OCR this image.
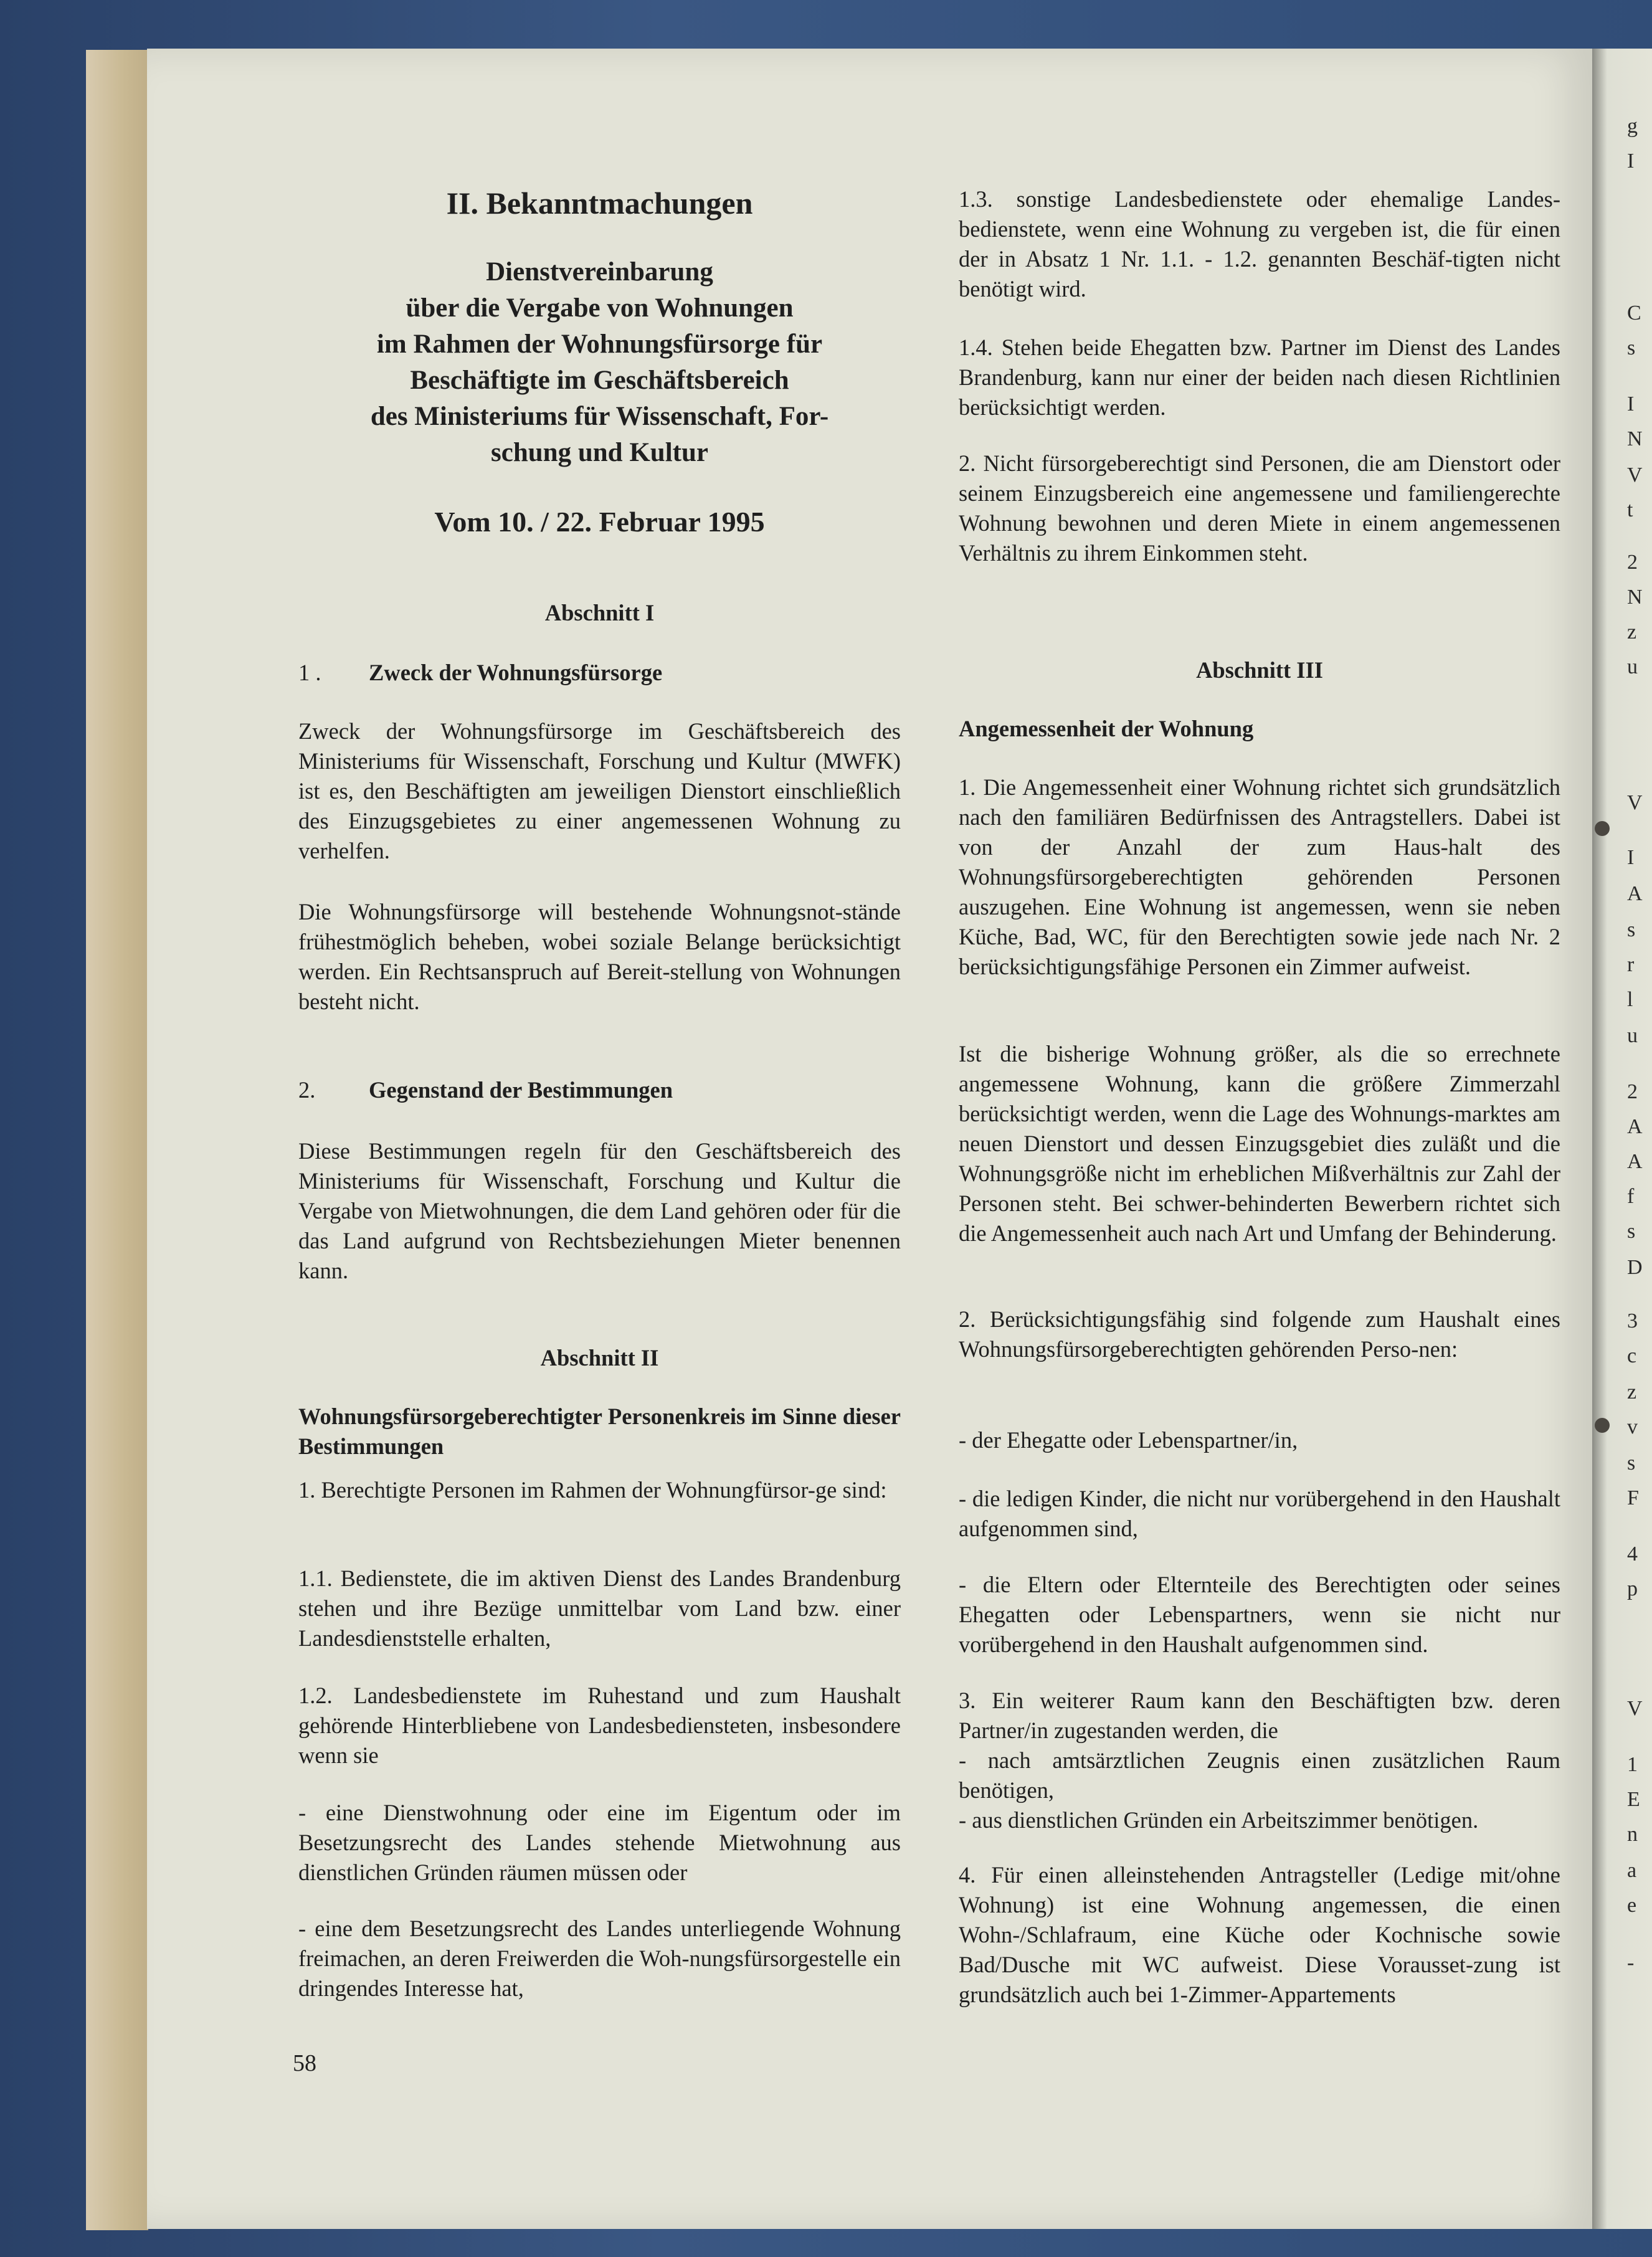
g
I
C
s
I
N
V
t
2
N
z
u
V
I
A
s
r
l
u
2
A
A
f
s
D
3
c
z
v
s
F
4
p
V
1
E
n
a
e
-
II. Bekanntmachungen
Dienstvereinbarung
über die Vergabe von Wohnungen
im Rahmen der Wohnungsfürsorge für
Beschäftigte im Geschäftsbereich
des Ministeriums für Wissenschaft, For-
schung und Kultur
Vom 10. / 22. Februar 1995
Abschnitt I
1 . Zweck der Wohnungsfürsorge
Zweck der Wohnungsfürsorge im Geschäftsbereich des Ministeriums für Wissenschaft, Forschung und Kultur (MWFK) ist es, den Beschäftigten am jeweiligen Dienstort einschließlich des Einzugsgebietes zu einer angemessenen Wohnung zu verhelfen.
Die Wohnungsfürsorge will bestehende Wohnungsnot-stände frühestmöglich beheben, wobei soziale Belange berücksichtigt werden. Ein Rechtsanspruch auf Bereit-stellung von Wohnungen besteht nicht.
2. Gegenstand der Bestimmungen
Diese Bestimmungen regeln für den Geschäftsbereich des Ministeriums für Wissenschaft, Forschung und Kultur die Vergabe von Mietwohnungen, die dem Land gehören oder für die das Land aufgrund von Rechtsbeziehungen Mieter benennen kann.
Abschnitt II
Wohnungsfürsorgeberechtigter Personenkreis im Sinne dieser Bestimmungen
1. Berechtigte Personen im Rahmen der Wohnungfürsor-ge sind:
1.1. Bedienstete, die im aktiven Dienst des Landes Brandenburg stehen und ihre Bezüge unmittelbar vom Land bzw. einer Landesdienststelle erhalten,
1.2. Landesbedienstete im Ruhestand und zum Haushalt gehörende Hinterbliebene von Landesbediensteten, insbesondere wenn sie
- eine Dienstwohnung oder eine im Eigentum oder im Besetzungsrecht des Landes stehende Mietwohnung aus dienstlichen Gründen räumen müssen oder
- eine dem Besetzungsrecht des Landes unterliegende Wohnung freimachen, an deren Freiwerden die Woh-nungsfürsorgestelle ein dringendes Interesse hat,
58
1.3. sonstige Landesbedienstete oder ehemalige Landes-bedienstete, wenn eine Wohnung zu vergeben ist, die für einen der in Absatz 1 Nr. 1.1. - 1.2. genannten Beschäf-tigten nicht benötigt wird.
1.4. Stehen beide Ehegatten bzw. Partner im Dienst des Landes Brandenburg, kann nur einer der beiden nach diesen Richtlinien berücksichtigt werden.
2. Nicht fürsorgeberechtigt sind Personen, die am Dienstort oder seinem Einzugsbereich eine angemessene und familiengerechte Wohnung bewohnen und deren Miete in einem angemessenen Verhältnis zu ihrem Einkommen steht.
Abschnitt III
Angemessenheit der Wohnung
1. Die Angemessenheit einer Wohnung richtet sich grundsätzlich nach den familiären Bedürfnissen des Antragstellers. Dabei ist von der Anzahl der zum Haus-halt des Wohnungsfürsorgeberechtigten gehörenden Personen auszugehen. Eine Wohnung ist angemessen, wenn sie neben Küche, Bad, WC, für den Berechtigten sowie jede nach Nr. 2 berücksichtigungsfähige Personen ein Zimmer aufweist.
Ist die bisherige Wohnung größer, als die so errechnete angemessene Wohnung, kann die größere Zimmerzahl berücksichtigt werden, wenn die Lage des Wohnungs-marktes am neuen Dienstort und dessen Einzugsgebiet dies zuläßt und die Wohnungsgröße nicht im erheblichen Mißverhältnis zur Zahl der Personen steht. Bei schwer-behinderten Bewerbern richtet sich die Angemessenheit auch nach Art und Umfang der Behinderung.
2. Berücksichtigungsfähig sind folgende zum Haushalt eines Wohnungsfürsorgeberechtigten gehörenden Perso-nen:
- der Ehegatte oder Lebenspartner/in,
- die ledigen Kinder, die nicht nur vorübergehend in den Haushalt aufgenommen sind,
- die Eltern oder Elternteile des Berechtigten oder seines Ehegatten oder Lebenspartners, wenn sie nicht nur vorübergehend in den Haushalt aufgenommen sind.
3. Ein weiterer Raum kann den Beschäftigten bzw. deren Partner/in zugestanden werden, die
- nach amtsärztlichen Zeugnis einen zusätzlichen Raum benötigen,
- aus dienstlichen Gründen ein Arbeitszimmer benötigen.
4. Für einen alleinstehenden Antragsteller (Ledige mit/ohne Wohnung) ist eine Wohnung angemessen, die einen Wohn-/Schlafraum, eine Küche oder Kochnische sowie Bad/Dusche mit WC aufweist. Diese Vorausset-zung ist grundsätzlich auch bei 1-Zimmer-Appartements
